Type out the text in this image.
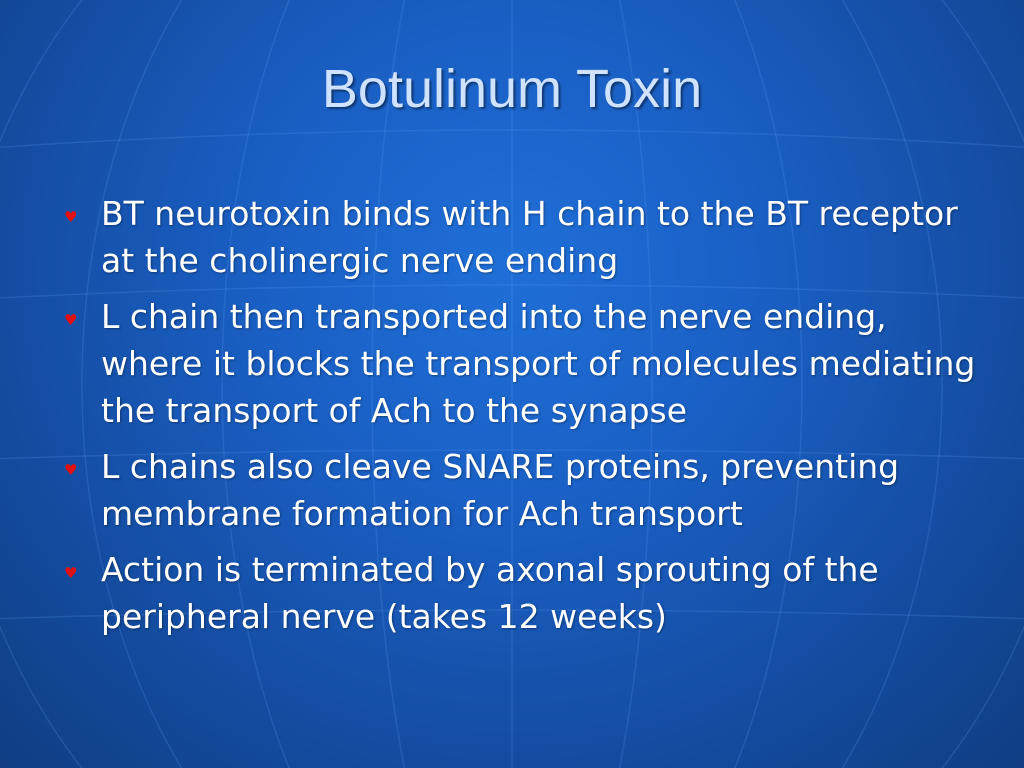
Botulinum Toxin
♥ BT neurotoxin binds with H chain to the BT receptor at the cholinergic nerve ending
♥ L chain then transported into the nerve ending, where it blocks the transport of molecules mediating the transport of Ach to the synapse
♥ L chains also cleave SNARE proteins, preventing membrane formation for Ach transport
♥ Action is terminated by axonal sprouting of the peripheral nerve (takes 12 weeks)
